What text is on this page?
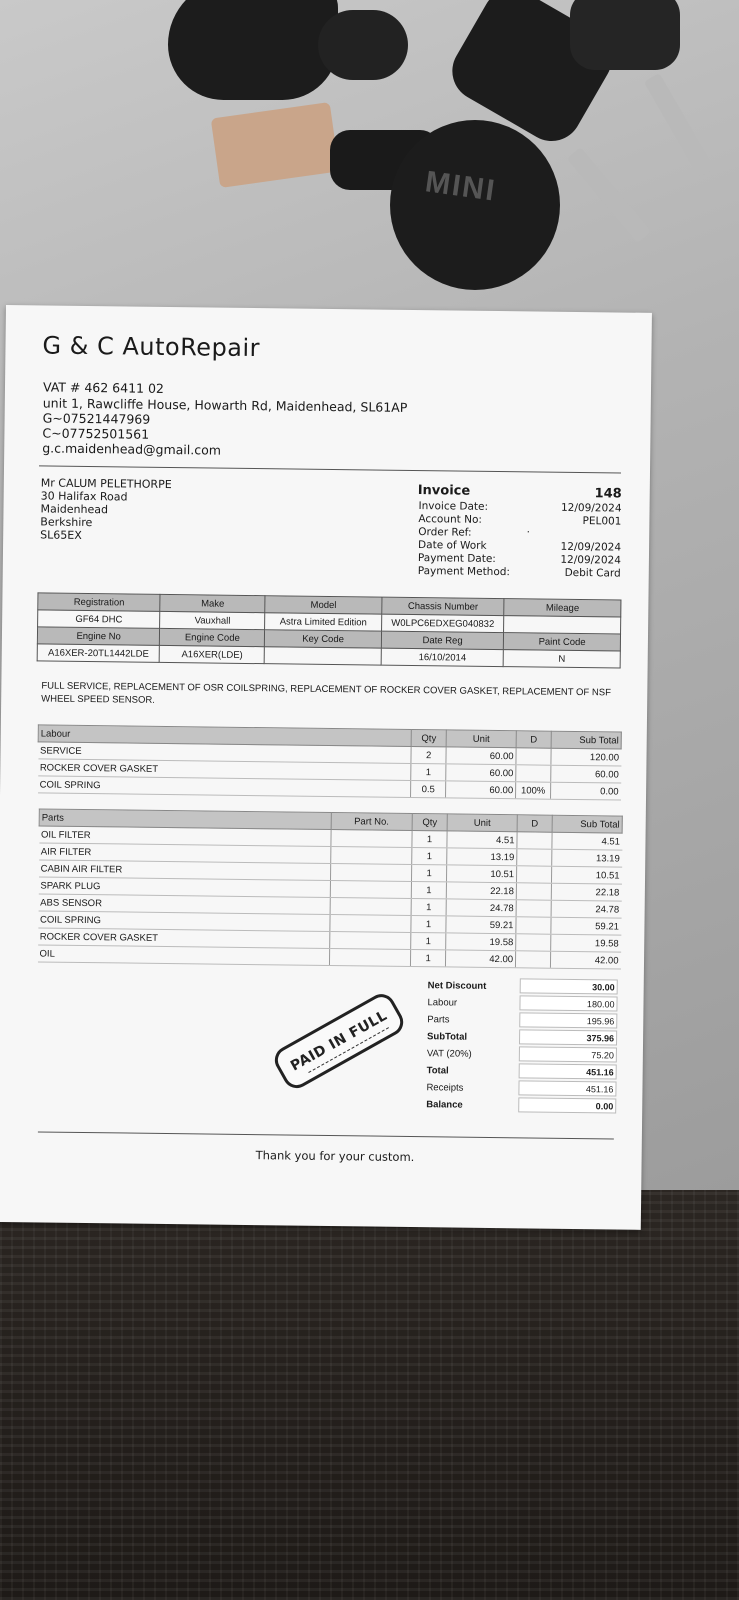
MINI
G & C AutoRepair
VAT # 462 6411 02
unit 1, Rawcliffe House, Howarth Rd, Maidenhead, SL61AP
G~07521447969
C~07752501561
g.c.maidenhead@gmail.com
Mr CALUM PELETHORPE
30 Halifax Road
Maidenhead
Berkshire
SL65EX
Invoice	148
Invoice Date:	12/09/2024
Account No:	PEL001
Order Ref:	.
Date of Work	12/09/2024
Payment Date:	12/09/2024
Payment Method:	Debit Card
Registration	Make	Model	Chassis Number	Mileage
GF64 DHC	Vauxhall	Astra Limited Edition	W0LPC6EDXEG040832	
Engine No	Engine Code	Key Code	Date Reg	Paint Code
A16XER-20TL1442LDE	A16XER(LDE)		16/10/2014	N
FULL SERVICE, REPLACEMENT OF OSR COILSPRING, REPLACEMENT OF ROCKER COVER GASKET, REPLACEMENT OF NSF WHEEL SPEED SENSOR.
Labour	Qty	Unit	D	Sub Total
SERVICE	2	60.00		120.00
ROCKER COVER GASKET	1	60.00		60.00
COIL SPRING	0.5	60.00	100%	0.00
Parts	Part No.	Qty	Unit	D	Sub Total
OIL FILTER		1	4.51		4.51
AIR FILTER		1	13.19		13.19
CABIN AIR FILTER		1	10.51		10.51
SPARK PLUG		1	22.18		22.18
ABS SENSOR		1	24.78		24.78
COIL SPRING		1	59.21		59.21
ROCKER COVER GASKET		1	19.58		19.58
OIL		1	42.00		42.00
PAID IN FULL
Net Discount	30.00
Labour	180.00
Parts	195.96
SubTotal	375.96
VAT (20%)	75.20
Total	451.16
Receipts	451.16
Balance	0.00
Thank you for your custom.
